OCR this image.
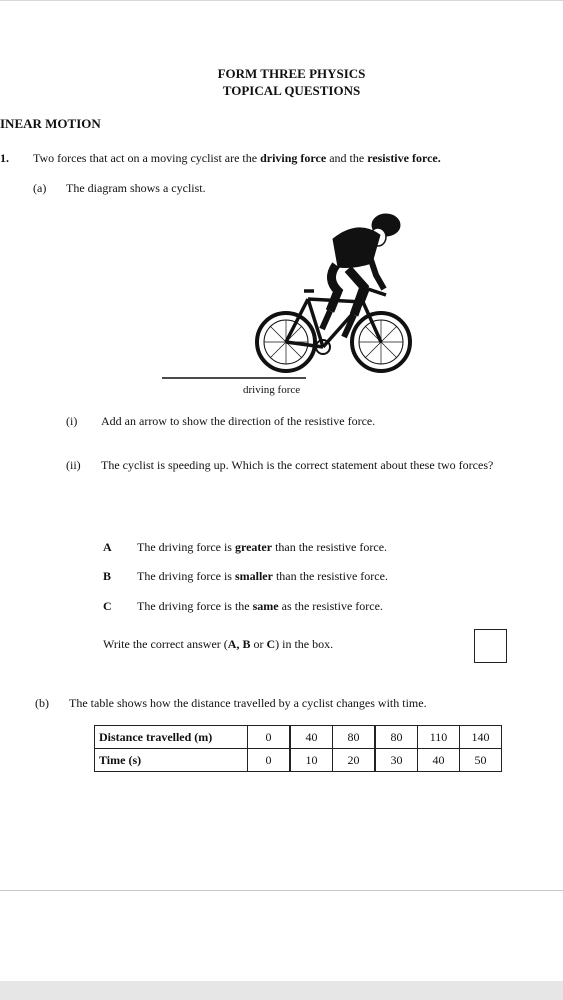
FORM THREE PHYSICS
TOPICAL QUESTIONS
INEAR MOTION
1. Two forces that act on a moving cyclist are the driving force and the resistive force.
(a) The diagram shows a cyclist.
driving force
(i) Add an arrow to show the direction of the resistive force.
(ii) The cyclist is speeding up. Which is the correct statement about these two forces?
A The driving force is greater than the resistive force.
B The driving force is smaller than the resistive force.
C The driving force is the same as the resistive force.
Write the correct answer (A, B or C) in the box.
(b) The table shows how the distance travelled by a cyclist changes with time.
Distance travelled (m)	0	40	80	80	110	140
Time (s)	0	10	20	30	40	50
